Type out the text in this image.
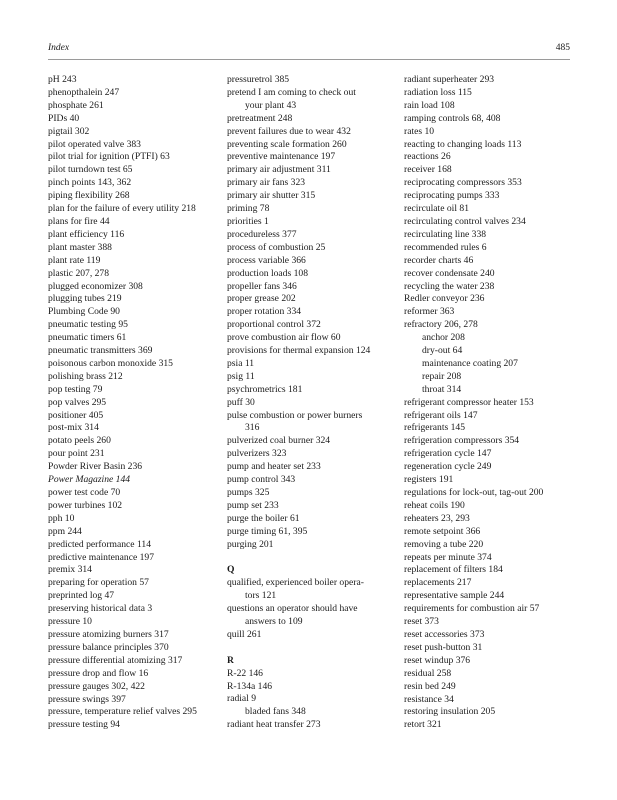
Index	485
pH 243
phenopthalein 247
phosphate 261
PIDs 40
pigtail 302
pilot operated valve 383
pilot trial for ignition (PTFI) 63
pilot turndown test 65
pinch points 143, 362
piping flexibility 268
plan for the failure of every utility 218
plans for fire 44
plant efficiency 116
plant master 388
plant rate 119
plastic 207, 278
plugged economizer 308
plugging tubes 219
Plumbing Code 90
pneumatic testing 95
pneumatic timers 61
pneumatic transmitters 369
poisonous carbon monoxide 315
polishing brass 212
pop testing 79
pop valves 295
positioner 405
post-mix 314
potato peels 260
pour point 231
Powder River Basin 236
Power Magazine 144
power test code 70
power turbines 102
pph 10
ppm 244
predicted performance 114
predictive maintenance 197
premix 314
preparing for operation 57
preprinted log 47
preserving historical data 3
pressure 10
pressure atomizing burners 317
pressure balance principles 370
pressure differential atomizing 317
pressure drop and flow 16
pressure gauges 302, 422
pressure swings 397
pressure, temperature relief valves 295
pressure testing 94
pressuretrol 385
pretend I am coming to check out
your plant 43
pretreatment 248
prevent failures due to wear 432
preventing scale formation 260
preventive maintenance 197
primary air adjustment 311
primary air fans 323
primary air shutter 315
priming 78
priorities 1
procedureless 377
process of combustion 25
process variable 366
production loads 108
propeller fans 346
proper grease 202
proper rotation 334
proportional control 372
prove combustion air flow 60
provisions for thermal expansion 124
psia 11
psig 11
psychrometrics 181
puff 30
pulse combustion or power burners
316
pulverized coal burner 324
pulverizers 323
pump and heater set 233
pump control 343
pumps 325
pump set 233
purge the boiler 61
purge timing 61, 395
purging 201
Q
qualified, experienced boiler opera-
tors 121
questions an operator should have
answers to 109
quill 261
R
R-22 146
R-134a 146
radial 9
bladed fans 348
radiant heat transfer 273
radiant superheater 293
radiation loss 115
rain load 108
ramping controls 68, 408
rates 10
reacting to changing loads 113
reactions 26
receiver 168
reciprocating compressors 353
reciprocating pumps 333
recirculate oil 81
recirculating control valves 234
recirculating line 338
recommended rules 6
recorder charts 46
recover condensate 240
recycling the water 238
Redler conveyor 236
reformer 363
refractory 206, 278
anchor 208
dry-out 64
maintenance coating 207
repair 208
throat 314
refrigerant compressor heater 153
refrigerant oils 147
refrigerants 145
refrigeration compressors 354
refrigeration cycle 147
regeneration cycle 249
registers 191
regulations for lock-out, tag-out 200
reheat coils 190
reheaters 23, 293
remote setpoint 366
removing a tube 220
repeats per minute 374
replacement of filters 184
replacements 217
representative sample 244
requirements for combustion air 57
reset 373
reset accessories 373
reset push-button 31
reset windup 376
residual 258
resin bed 249
resistance 34
restoring insulation 205
retort 321
